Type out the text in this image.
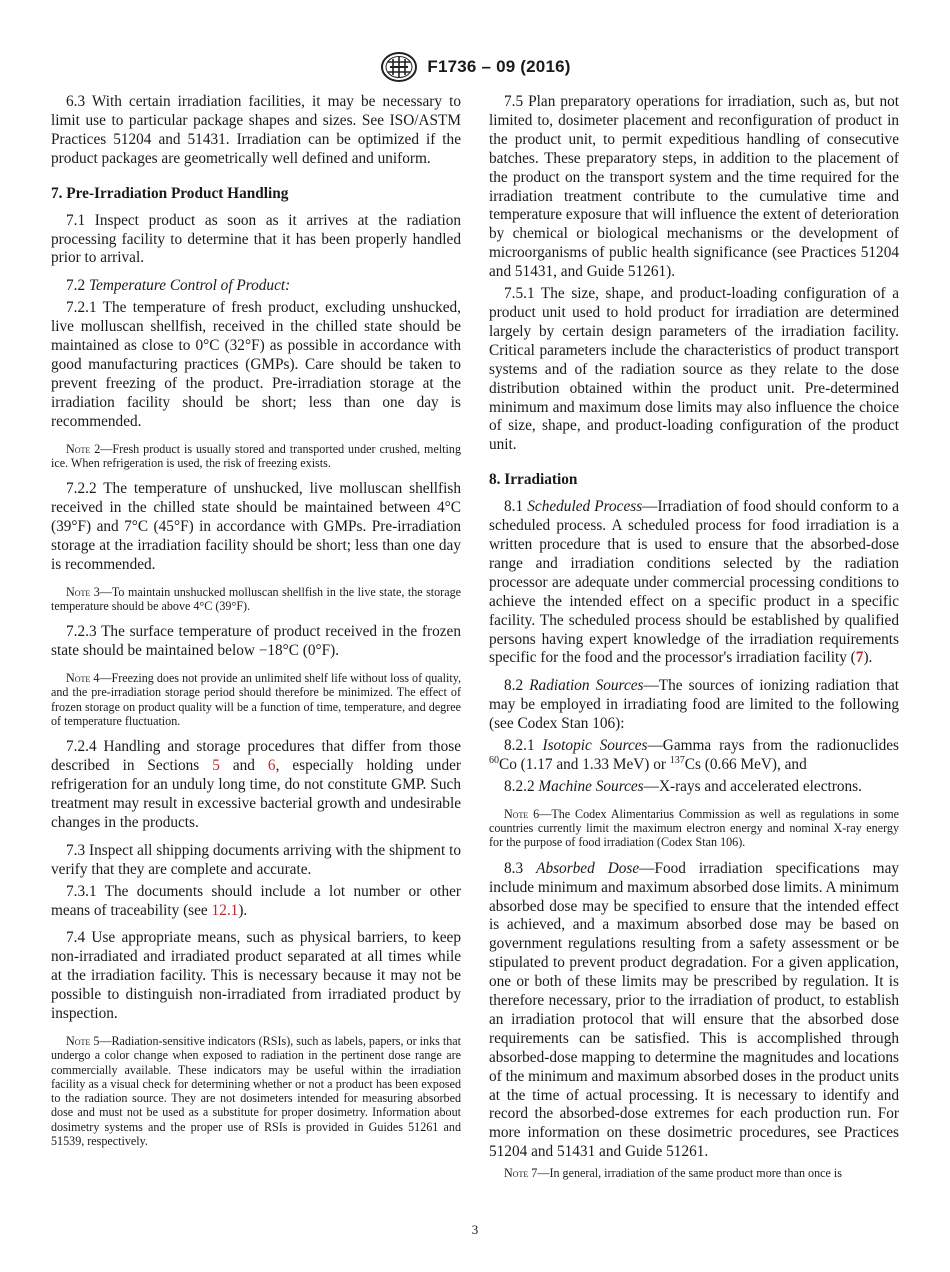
F1736 – 09 (2016)

6.3 With certain irradiation facilities, it may be necessary to limit use to particular package shapes and sizes. See ISO/ASTM Practices 51204 and 51431. Irradiation can be optimized if the product packages are geometrically well defined and uniform.

7. Pre-Irradiation Product Handling

7.1 Inspect product as soon as it arrives at the radiation processing facility to determine that it has been properly handled prior to arrival.

7.2 Temperature Control of Product:

7.2.1 The temperature of fresh product, excluding unshucked, live molluscan shellfish, received in the chilled state should be maintained as close to 0°C (32°F) as possible in accordance with good manufacturing practices (GMPs). Care should be taken to prevent freezing of the product. Pre-irradiation storage at the irradiation facility should be short; less than one day is recommended.

Note 2—Fresh product is usually stored and transported under crushed, melting ice. When refrigeration is used, the risk of freezing exists.

7.2.2 The temperature of unshucked, live molluscan shellfish received in the chilled state should be maintained between 4°C (39°F) and 7°C (45°F) in accordance with GMPs. Pre-irradiation storage at the irradiation facility should be short; less than one day is recommended.

Note 3—To maintain unshucked molluscan shellfish in the live state, the storage temperature should be above 4°C (39°F).

7.2.3 The surface temperature of product received in the frozen state should be maintained below −18°C (0°F).

Note 4—Freezing does not provide an unlimited shelf life without loss of quality, and the pre-irradiation storage period should therefore be minimized. The effect of frozen storage on product quality will be a function of time, temperature, and degree of temperature fluctuation.

7.2.4 Handling and storage procedures that differ from those described in Sections 5 and 6, especially holding under refrigeration for an unduly long time, do not constitute GMP. Such treatment may result in excessive bacterial growth and undesirable changes in the products.

7.3 Inspect all shipping documents arriving with the shipment to verify that they are complete and accurate.

7.3.1 The documents should include a lot number or other means of traceability (see 12.1).

7.4 Use appropriate means, such as physical barriers, to keep non-irradiated and irradiated product separated at all times while at the irradiation facility. This is necessary because it may not be possible to distinguish non-irradiated from irradiated product by inspection.

Note 5—Radiation-sensitive indicators (RSIs), such as labels, papers, or inks that undergo a color change when exposed to radiation in the pertinent dose range are commercially available. These indicators may be useful within the irradiation facility as a visual check for determining whether or not a product has been exposed to the radiation source. They are not dosimeters intended for measuring absorbed dose and must not be used as a substitute for proper dosimetry. Information about dosimetry systems and the proper use of RSIs is provided in Guides 51261 and 51539, respectively.

7.5 Plan preparatory operations for irradiation, such as, but not limited to, dosimeter placement and reconfiguration of product in the product unit, to permit expeditious handling of consecutive batches. These preparatory steps, in addition to the placement of the product on the transport system and the time required for the irradiation treatment contribute to the cumulative time and temperature exposure that will influence the extent of deterioration by chemical or biological mechanisms or the development of microorganisms of public health significance (see Practices 51204 and 51431, and Guide 51261).

7.5.1 The size, shape, and product-loading configuration of a product unit used to hold product for irradiation are determined largely by certain design parameters of the irradiation facility. Critical parameters include the characteristics of product transport systems and of the radiation source as they relate to the dose distribution obtained within the product unit. Pre-determined minimum and maximum dose limits may also influence the choice of size, shape, and product-loading configuration of the product unit.

8. Irradiation

8.1 Scheduled Process—Irradiation of food should conform to a scheduled process. A scheduled process for food irradiation is a written procedure that is used to ensure that the absorbed-dose range and irradiation conditions selected by the radiation processor are adequate under commercial processing conditions to achieve the intended effect on a specific product in a specific facility. The scheduled process should be established by qualified persons having expert knowledge of the irradiation requirements specific for the food and the processor's irradiation facility (7).

8.2 Radiation Sources—The sources of ionizing radiation that may be employed in irradiating food are limited to the following (see Codex Stan 106):

8.2.1 Isotopic Sources—Gamma rays from the radionuclides $^{60}$Co (1.17 and 1.33 MeV) or $^{137}$Cs (0.66 MeV), and

8.2.2 Machine Sources—X-rays and accelerated electrons.

Note 6—The Codex Alimentarius Commission as well as regulations in some countries currently limit the maximum electron energy and nominal X-ray energy for the purpose of food irradiation (Codex Stan 106).

8.3 Absorbed Dose—Food irradiation specifications may include minimum and maximum absorbed dose limits. A minimum absorbed dose may be specified to ensure that the intended effect is achieved, and a maximum absorbed dose may be based on government regulations resulting from a safety assessment or be stipulated to prevent product degradation. For a given application, one or both of these limits may be prescribed by regulation. It is therefore necessary, prior to the irradiation of product, to establish an irradiation protocol that will ensure that the absorbed dose requirements can be satisfied. This is accomplished through absorbed-dose mapping to determine the magnitudes and locations of the minimum and maximum absorbed doses in the product units at the time of actual processing. It is necessary to identify and record the absorbed-dose extremes for each production run. For more information on these dosimetric procedures, see Practices 51204 and 51431 and Guide 51261.

Note 7—In general, irradiation of the same product more than once is

3
